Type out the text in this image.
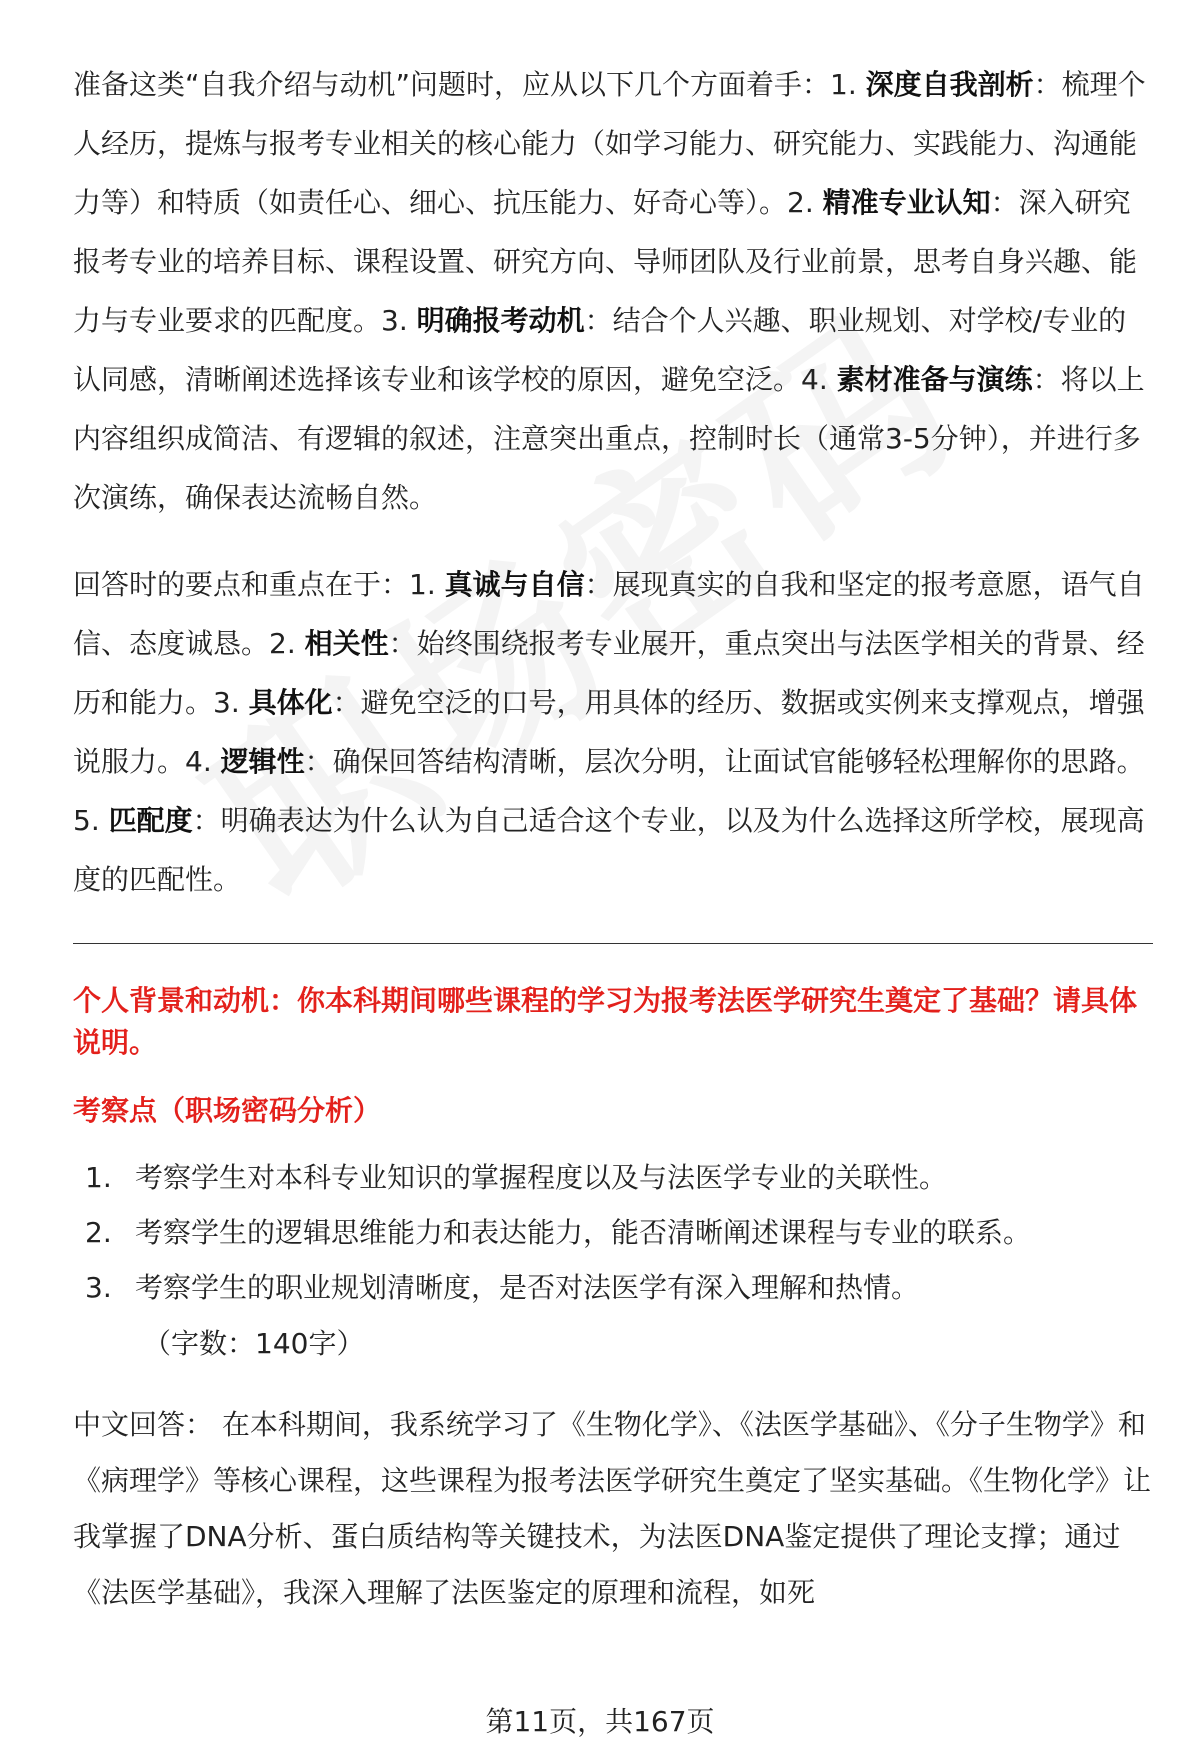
准备这类“自我介绍与动机”问题时，应从以下几个方面着手：1. 深度自我剖析：梳理个人经历，提炼与报考专业相关的核心能力（如学习能力、研究能力、实践能力、沟通能力等）和特质（如责任心、细心、抗压能力、好奇心等）。2. 精准专业认知：深入研究报考专业的培养目标、课程设置、研究方向、导师团队及行业前景，思考自身兴趣、能力与专业要求的匹配度。3. 明确报考动机：结合个人兴趣、职业规划、对学校/专业的认同感，清晰阐述选择该专业和该学校的原因，避免空泛。4. 素材准备与演练：将以上内容组织成简洁、有逻辑的叙述，注意突出重点，控制时长（通常3-5分钟），并进行多次演练，确保表达流畅自然。

回答时的要点和重点在于：1. 真诚与自信：展现真实的自我和坚定的报考意愿，语气自信、态度诚恳。2. 相关性：始终围绕报考专业展开，重点突出与法医学相关的背景、经历和能力。3. 具体化：避免空泛的口号，用具体的经历、数据或实例来支撑观点，增强说服力。4. 逻辑性：确保回答结构清晰，层次分明，让面试官能够轻松理解你的思路。5. 匹配度：明确表达为什么认为自己适合这个专业，以及为什么选择这所学校，展现高度的匹配性。

个人背景和动机：你本科期间哪些课程的学习为报考法医学研究生奠定了基础？请具体说明。

考察点（职场密码分析）

1. 考察学生对本科专业知识的掌握程度以及与法医学专业的关联性。
2. 考察学生的逻辑思维能力和表达能力，能否清晰阐述课程与专业的联系。
3. 考察学生的职业规划清晰度，是否对法医学有深入理解和热情。

（字数：140字）

中文回答： 在本科期间，我系统学习了《生物化学》、《法医学基础》、《分子生物学》和《病理学》等核心课程，这些课程为报考法医学研究生奠定了坚实基础。《生物化学》让我掌握了DNA分析、蛋白质结构等关键技术，为法医DNA鉴定提供了理论支撑；通过《法医学基础》，我深入理解了法医鉴定的原理和流程，如死

第11页，共167页
